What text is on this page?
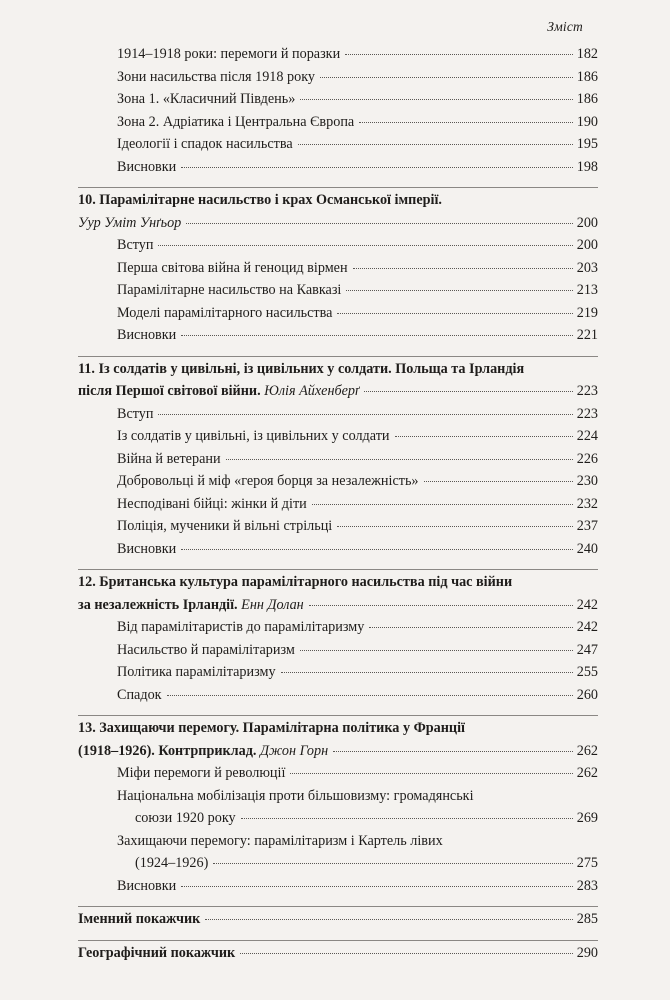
Зміст
1914–1918 роки: перемоги й поразки	182
Зони насильства після 1918 року	186
Зона 1. «Класичний Південь»	186
Зона 2. Адріатика і Центральна Європа	190
Ідеології і спадок насильства	195
Висновки	198
10. Парамілітарне насильство і крах Османської імперії.
Уур Уміт Унґьор	200
Вступ	200
Перша світова війна й геноцид вірмен	203
Парамілітарне насильство на Кавказі	213
Моделі парамілітарного насильства	219
Висновки	221
11. Із солдатів у цивільні, із цивільних у солдати. Польща та Ірландія
після Першої світової війни.
Юлія Айхенберґ	223
Вступ	223
Із солдатів у цивільні, із цивільних у солдати	224
Війна й ветерани	226
Добровольці й міф «героя борця за незалежність»	230
Несподівані бійці: жінки й діти	232
Поліція, мученики й вільні стрільці	237
Висновки	240
12. Британська культура парамілітарного насильства під час війни
за незалежність Ірландії.
Енн Долан	242
Від парамілітаристів до парамілітаризму	242
Насильство й парамілітаризм	247
Політика парамілітаризму	255
Спадок	260
13. Захищаючи перемогу. Парамілітарна політика у Франції
(1918–1926). Контрприклад.
Джон Горн	262
Міфи перемоги й революції	262
Національна мобілізація проти більшовизму: громадянські
союзи 1920 року	269
Захищаючи перемогу: парамілітаризм і Картель лівих
(1924–1926)	275
Висновки	283
Іменний покажчик	285
Географічний покажчик	290
